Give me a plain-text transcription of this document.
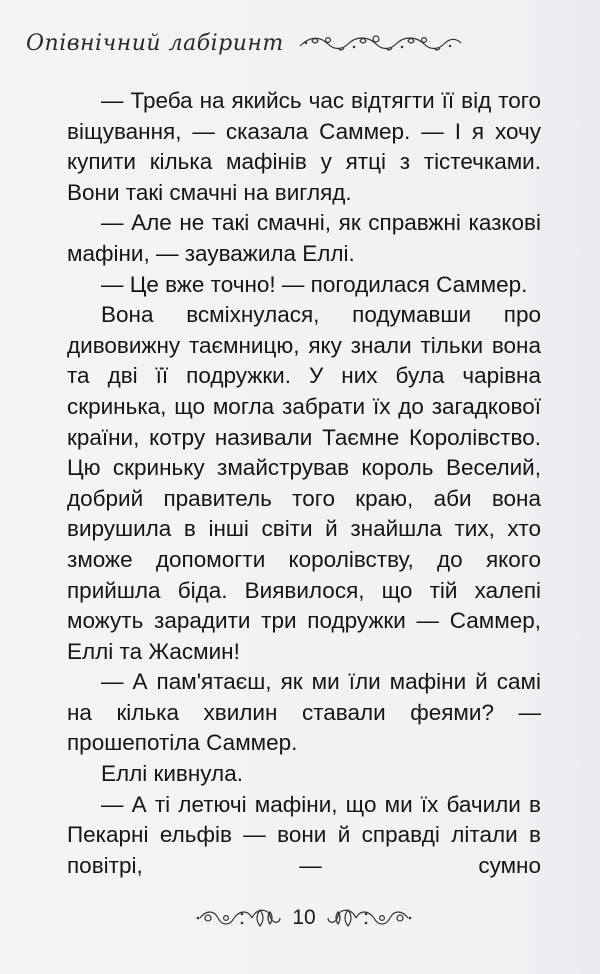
Опівнічний лабіринт

— Треба на якийсь час відтягти її від того віщування, — сказала Саммер. — І я хочу купити кілька мафінів у ятці з тістечками. Вони такі смачні на вигляд.

— Але не такі смачні, як справжні казкові мафіни, — зауважила Еллі.

— Це вже точно! — погодилася Саммер.

Вона всміхнулася, подумавши про дивовижну таємницю, яку знали тільки вона та дві її подружки. У них була чарівна скринька, що могла забрати їх до загадкової країни, котру називали Таємне Королівство. Цю скриньку змайстрував король Веселий, добрий правитель того краю, аби вона вирушила в інші світи й знайшла тих, хто зможе допомогти королівству, до якого прийшла біда. Виявилося, що тій халепі можуть зарадити три подружки — Саммер, Еллі та Жасмин!

— А пам'ятаєш, як ми їли мафіни й самі на кілька хвилин ставали феями? — прошепотіла Саммер.

Еллі кивнула.

— А ті летючі мафіни, що ми їх бачили в Пекарні ельфів — вони й справді літали в повітрі, — сумно

10
